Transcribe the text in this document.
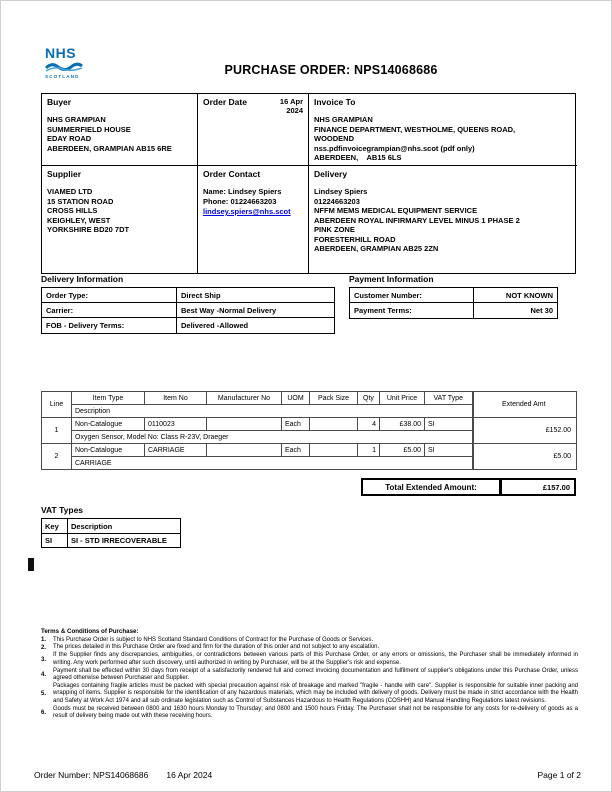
NHS
SCOTLAND	PURCHASE ORDER: NPS14068686
Buyer
NHS GRAMPIAN
SUMMERFIELD HOUSE
EDAY ROAD
ABERDEEN, GRAMPIAN AB15 6RE
Order Date	16 Apr 2024
Invoice To
NHS GRAMPIAN
FINANCE DEPARTMENT, WESTHOLME, QUEENS ROAD,
WOODEND
nss.pdfinvoicegrampian@nhs.scot (pdf only)
ABERDEEN,    AB15 6LS
Supplier
VIAMED LTD
15 STATION ROAD
CROSS HILLS
KEIGHLEY, WEST
YORKSHIRE BD20 7DT
Order Contact
Name: Lindsey Spiers
Phone: 01224663203
lindsey.spiers@nhs.scot
Delivery
Lindsey Spiers
01224663203
NFFM MEMS MEDICAL EQUIPMENT SERVICE
ABERDEEN ROYAL INFIRMARY LEVEL MINUS 1 PHASE 2
PINK ZONE
FORESTERHILL ROAD
ABERDEEN, GRAMPIAN AB25 2ZN
Delivery Information
Order Type:	Direct Ship
Carrier:	Best Way -Normal Delivery
FOB - Delivery Terms:	Delivered -Allowed
Payment Information
Customer Number:	NOT KNOWN
Payment Terms:	Net 30
Line	Item Type	Item No	Manufacturer No	UOM	Pack Size	Qty	Unit Price	VAT Type	Extended Amt
	Description								
1	Non-Catalogue	0110023		Each		4	£38.00	SI	£152.00
	Oxygen Sensor, Model No: Class R-23V, Draeger								
2	Non-Catalogue	CARRIAGE		Each		1	£5.00	SI	£5.00
	CARRIAGE								
Total Extended Amount:	£157.00
VAT Types
Key	Description
SI	SI - STD IRRECOVERABLE
Terms & Conditions of Purchase:
1.	This Purchase Order is subject to NHS Scotland Standard Conditions of Contract for the Purchase of Goods or Services.
2.	The prices detailed in this Purchase Order are fixed and firm for the duration of this order and not subject to any escalation.
3.
If the Supplier finds any discrepancies, ambiguities, or contradictions between various parts of this Purchase Order, or any errors or omissions, the Purchaser shall be immediately informed in writing. Any work performed after such discovery, until authorized in writing by Purchaser, will be at the Supplier's risk and expense.
4.
Payment shall be effected within 30 days from receipt of a satisfactorily rendered full and correct invoicing documentation and fulfilment of supplier's obligations under this Purchase Order, unless agreed otherwise between Purchaser and Supplier.
5.
Packages containing fragile articles must be packed with special precaution against risk of breakage and marked "fragile - handle with care". Supplier is responsible for suitable inner packing and wrapping of items. Supplier is responsible for the identification of any hazardous materials, which may be included with delivery of goods. Delivery must be made in strict accordance with the Health and Safety at Work Act 1974 and all sub ordinate legislation such as Control of Substances Hazardous to Health Regulations (COSHH) and Manual Handling Regulations latest revisions.
6.
Goods must be received between 0800 and 1630 hours Monday to Thursday; and 0800 and 1500 hours Friday. The Purchaser shall not be responsible for any costs for re-delivery of goods as a result of delivery being made out with these receiving hours.
Order Number: NPS14068686 16 Apr 2024	Page 1 of 2
